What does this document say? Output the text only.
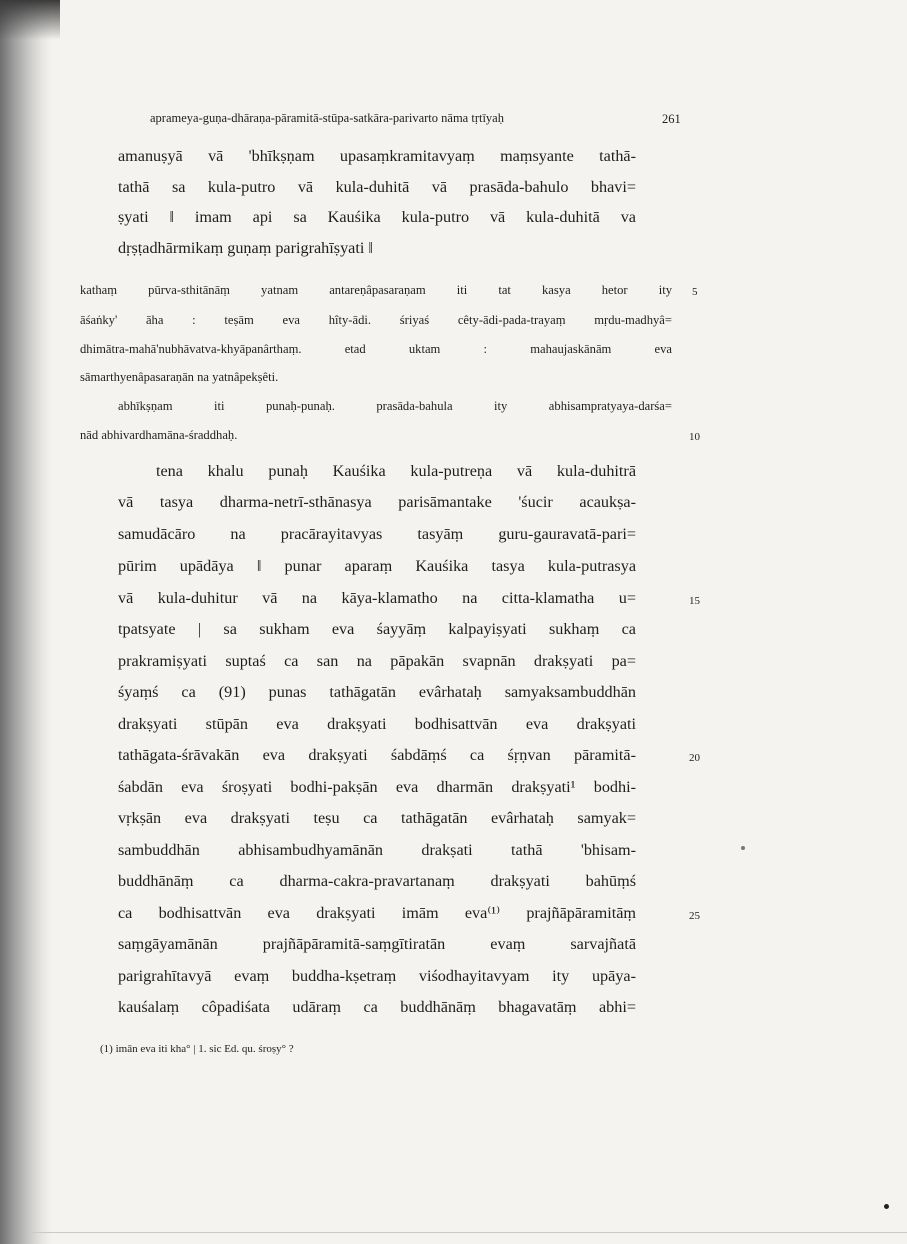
aprameya-guṇa-dhāraṇa-pāramitā-stūpa-satkāra-parivarto nāma tṛtīyaḥ	261
amanuṣyā vā 'bhīkṣṇam upasaṃkramitavyaṃ maṃsyante tathā-
tathā sa kula-putro vā kula-duhitā vā prasāda-bahulo bhavi=
ṣyati ‖ imam api sa Kauśika kula-putro vā kula-duhitā va
dṛṣṭadhārmikaṃ guṇaṃ parigrahīṣyati ‖
kathaṃ pūrva-sthitānāṃ yatnam antareṇâpasaraṇam iti tat kasya hetor ity
āśaṅky' āha : teṣām eva hîty-ādi. śriyaś cêty-ādi-pada-trayaṃ mṛdu-madhyâ=
dhimātra-mahā'nubhāvatva-khyāpanârthaṃ. etad uktam : mahaujaskānām eva
sāmarthyenâpasaraṇān na yatnâpekṣêti.
abhīkṣṇam iti punaḥ-punaḥ. prasāda-bahula ity abhisampratyaya-darśa=
nād abhivardhamāna-śraddhaḥ.
tena khalu punaḥ Kauśika kula-putreṇa vā kula-duhitrā
vā tasya dharma-netrī-sthānasya parisāmantake 'śucir acaukṣa-
samudācāro na pracārayitavyas tasyāṃ guru-gauravatā-pari=
pūrim upādāya ‖ punar aparaṃ Kauśika tasya kula-putrasya
vā kula-duhitur vā na kāya-klamatho na citta-klamatha u=
tpatsyate | sa sukham eva śayyāṃ kalpayiṣyati sukhaṃ ca
prakramiṣyati suptaś ca san na pāpakān svapnān drakṣyati pa=
śyaṃś ca (91) punas tathāgatān evârhataḥ samyaksambuddhān
drakṣyati stūpān eva drakṣyati bodhisattvān eva drakṣyati
tathāgata-śrāvakān eva drakṣyati śabdāṃś ca śṛṇvan pāramitā-
śabdān eva śroṣyati bodhi-pakṣān eva dharmān drakṣyati¹ bodhi-
vṛkṣān eva drakṣyati teṣu ca tathāgatān evârhataḥ samyak=
sambuddhān abhisambudhyamānān drakṣati tathā 'bhisam-
buddhānāṃ ca dharma-cakra-pravartanaṃ drakṣyati bahūṃś
ca bodhisattvān eva drakṣyati imām eva⁽¹⁾ prajñāpāramitāṃ
saṃgāyamānān prajñāpāramitā-saṃgītiratān evaṃ sarvajñatā
parigrahītavyā evaṃ buddha-kṣetraṃ viśodhayitavyam ity upāya-
kauśalaṃ côpadiśata udāraṃ ca buddhānāṃ bhagavatāṃ abhi=
5
10
15
20
25
(1) imān eva iti kha° | 1. sic Ed. qu. śroṣy° ?
